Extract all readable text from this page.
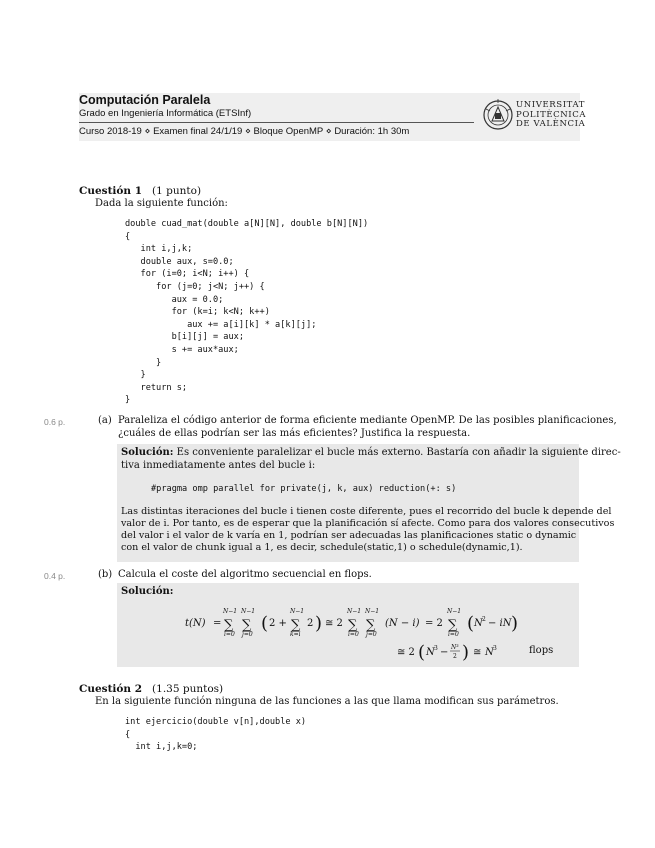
Computación Paralela
Grado en Ingeniería Informática (ETSInf)
Curso 2018-19 ⋄ Examen final 24/1/19 ⋄ Bloque OpenMP ⋄ Duración: 1h 30m
UNIVERSITAT
POLITÈCNICA
DE VALÈNCIA
Cuestión 1 (1 punto)
Dada la siguiente función:
double cuad_mat(double a[N][N], double b[N][N])
{
int i,j,k;
double aux, s=0.0;
for (i=0; i<N; i++) {
for (j=0; j<N; j++) {
aux = 0.0;
for (k=i; k<N; k++)
aux += a[i][k] * a[k][j];
b[i][j] = aux;
s += aux*aux;
}
}
return s;
}
0.6 p.	(a) Paraleliza el código anterior de forma eficiente mediante OpenMP. De las posibles planificaciones,
¿cuáles de ellas podrían ser las más eficientes? Justifica la respuesta.
Solución: Es conveniente paralelizar el bucle más externo. Bastaría con añadir la siguiente direc-
tiva inmediatamente antes del bucle i:
#pragma omp parallel for private(j, k, aux) reduction(+: s)
Las distintas iteraciones del bucle i tienen coste diferente, pues el recorrido del bucle k depende del
valor de i. Por tanto, es de esperar que la planificación sí afecte. Como para dos valores consecutivos
del valor i el valor de k varía en 1, podrían ser adecuadas las planificaciones static o dynamic
con el valor de chunk igual a 1, es decir, schedule(static,1) o schedule(dynamic,1).
0.4 p.	(b) Calcula el coste del algoritmo secuencial en flops.
Solución:
t(N) =
N−1
∑
i=0
N−1
∑
j=0
( 2 +
N−1
∑
k=i
2 ) ≅ 2
N−1
∑
i=0
N−1
∑
j=0
(N − i) = 2
N−1
∑
i=0
( N 2 − iN )
≅ 2 ( N 3 − N³
2 ) ≅ N 3	flops
Cuestión 2 (1.35 puntos)
En la siguiente función ninguna de las funciones a las que llama modifican sus parámetros.
int ejercicio(double v[n],double x)
{
int i,j,k=0;
